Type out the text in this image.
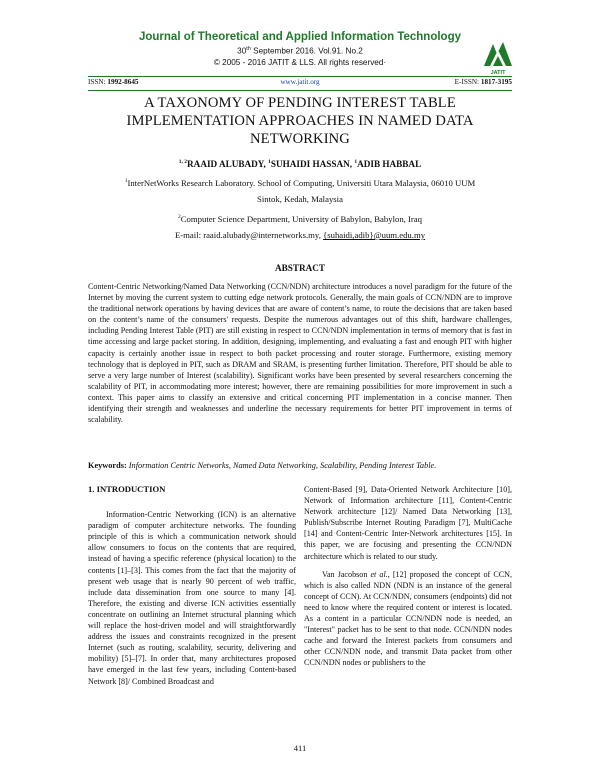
Journal of Theoretical and Applied Information Technology
30th September 2016. Vol.91. No.2
© 2005 - 2016 JATIT & LLS. All rights reserved·
JATIT
ISSN: 1992-8645	www.jatit.org	E-ISSN: 1817-3195
A TAXONOMY OF PENDING INTEREST TABLE IMPLEMENTATION APPROACHES IN NAMED DATA NETWORKING
$^{1, 2}$RAAID ALUBADY, $^1$SUHAIDI HASSAN, $^1$ADIB HABBAL
$^1$InterNetWorks Research Laboratory. School of Computing, Universiti Utara Malaysia, 06010 UUM
Sintok, Kedah, Malaysia
$^2$Computer Science Department, University of Babylon, Babylon, Iraq
E-mail: raaid.alubady@internetworks.my, {suhaidi,adib}@uum.edu.my
ABSTRACT

Content-Centric Networking/Named Data Networking (CCN/NDN) architecture introduces a novel paradigm for the future of the Internet by moving the current system to cutting edge network protocols. Generally, the main goals of CCN/NDN are to improve the traditional network operations by having devices that are aware of content’s name, to route the decisions that are taken based on the content’s name of the consumers' requests. Despite the numerous advantages out of this shift, hardware challenges, including Pending Interest Table (PIT) are still existing in respect to CCN/NDN implementation in terms of memory that is fast in time accessing and large packet storing. In addition, designing, implementing, and evaluating a fast and enough PIT with higher capacity is certainly another issue in respect to both packet processing and router storage. Furthermore, existing memory technology that is deployed in PIT, such as DRAM and SRAM, is presenting further limitation. Therefore, PIT should be able to serve a very large number of Interest (scalability). Significant works have been presented by several researchers concerning the scalability of PIT, in accommodating more interest; however, there are remaining possibilities for more improvement in such a context. This paper aims to classify an extensive and critical concerning PIT implementation in a concise manner. Then identifying their strength and weaknesses and underline the necessary requirements for better PIT improvement in terms of scalability.

Keywords: Information Centric Networks, Named Data Networking, Scalability, Pending Interest Table.

1. INTRODUCTION

Information-Centric Networking (ICN) is an alternative paradigm of computer architecture networks. The founding principle of this is which a communication network should allow consumers to focus on the contents that are required, instead of having a specific reference (physical location) to the contents [1]–[3]. This comes from the fact that the majority of present web usage that is nearly 90 percent of web traffic, include data dissemination from one source to many [4]. Therefore, the existing and diverse ICN activities essentially concentrate on outlining an Internet structural planning which will replace the host-driven model and will straightforwardly address the issues and constraints recognized in the present Internet (such as routing, scalability, security, delivering and mobility) [5]–[7]. In order that, many architectures proposed have emerged in the last few years, including Content-based Network [8]/ Combined Broadcast and

Content-Based [9], Data-Oriented Network Architecture [10], Network of Information architecture [11], Content-Centric Network architecture [12]/ Named Data Networking [13], Publish/Subscribe Internet Routing Paradigm [7], MultiCache [14] and Content-Centric Inter-Network architectures [15]. In this paper, we are focusing and presenting the CCN/NDN architecture which is related to our study.

Van Jacobson et al., [12] proposed the concept of CCN, which is also called NDN (NDN is an instance of the general concept of CCN). At CCN/NDN, consumers (endpoints) did not need to know where the required content or interest is located. As a content in a particular CCN/NDN node is needed, an "Interest" packet has to be sent to that node. CCN/NDN nodes cache and forward the Interest packets from consumers and other CCN/NDN node, and transmit Data packet from other CCN/NDN nodes or publishers to the

411
